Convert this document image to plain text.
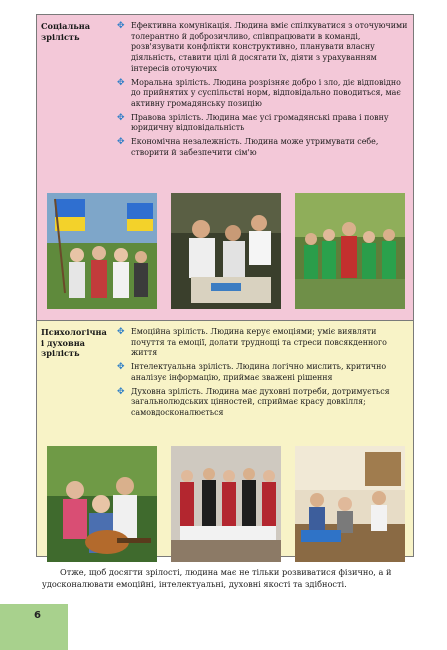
Соціальна зрілість
✥ Ефективна комунікація. Людина вміє спілкуватися з оточуючими толерантно й доброзичливо, співпрацювати в команді, розв'язувати конфлікти конструктивно, планувати власну діяльність, ставити цілі й досягати їх, діяти з урахуванням інтересів оточуючих
✥ Моральна зрілість. Людина розрізняє добро і зло, діє відповідно до прийнятих у суспільстві норм, відповідально поводиться, має активну громадянську позицію
✥ Правова зрілість. Людина має усі громадянські права і повну юридичну відповідальність
✥ Економічна незалежність. Людина може утримувати себе, створити й забезпечити сім'ю
Психологічна і духовна зрілість
✥ Емоційна зрілість. Людина керує емоціями; уміє виявляти почуття та емоції, долати труднощі та стреси повсякденного життя
✥ Інтелектуальна зрілість. Людина логічно мислить, критично аналізує інформацію, приймає зважені рішення
✥ Духовна зрілість. Людина має духовні потреби, дотримується загальнолюдських цінностей, сприймає красу довкілля; самовдосконалюється
Отже, щоб досягти зрілості, людина має не тільки розвиватися фізично, а й удосконалювати емоційні, інтелектуальні, духовні якості та здібності.
6
